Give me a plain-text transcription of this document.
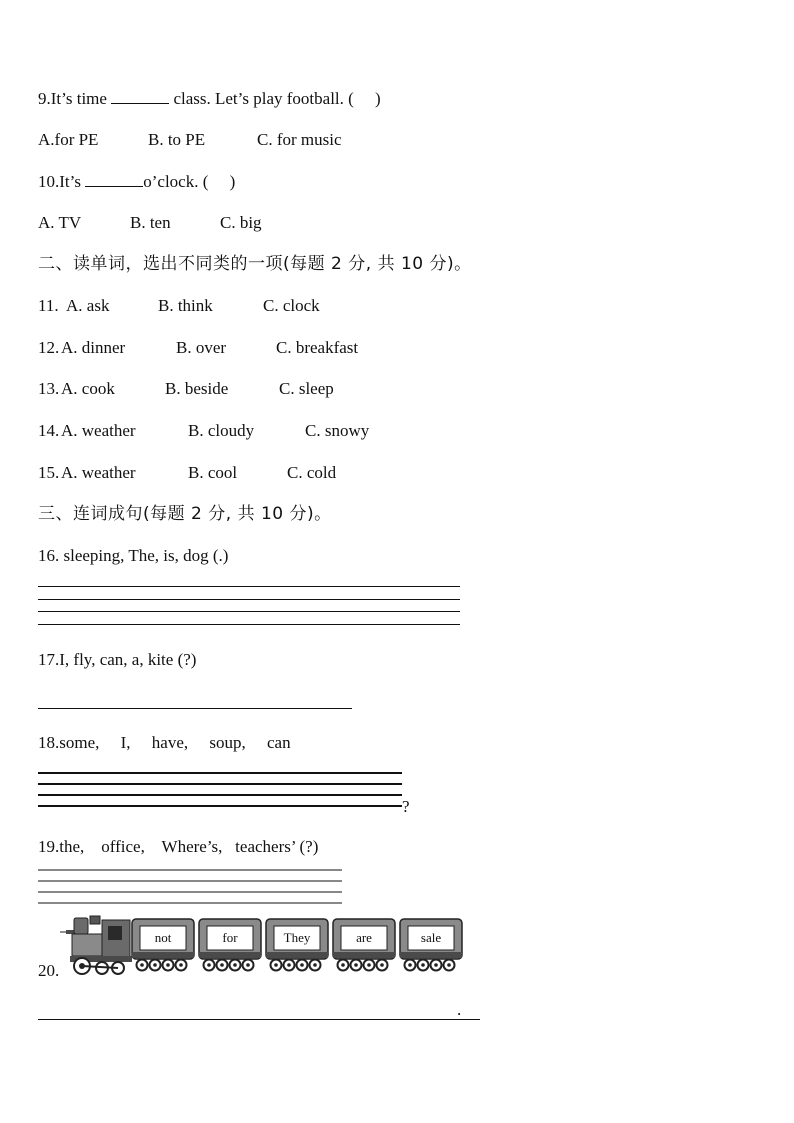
9.It’s time	class. Let’s play football. (     )
A.for PE	B. to PE	C. for music
10.It’s	o’clock. (     )
A. TV	B. ten	C. big
二、读单词，选出不同类的一项(每题 2 分, 共 10 分)。
11. A. ask	B. think	C. clock
12. A. dinner	B. over	C. breakfast
13. A. cook	B. beside	C. sleep
14. A. weather	B. cloudy	C. snowy
15. A. weather	B. cool	C. cold
三、连词成句(每题 2 分, 共 10 分)。
16. sleeping, The, is, dog (.)
17.I, fly, can, a, kite (?)
18.some,     I,     have,     soup,     can
?
19.the,    office,    Where’s,   teachers’ (?)
20.
not	for	They	are	sale
.
